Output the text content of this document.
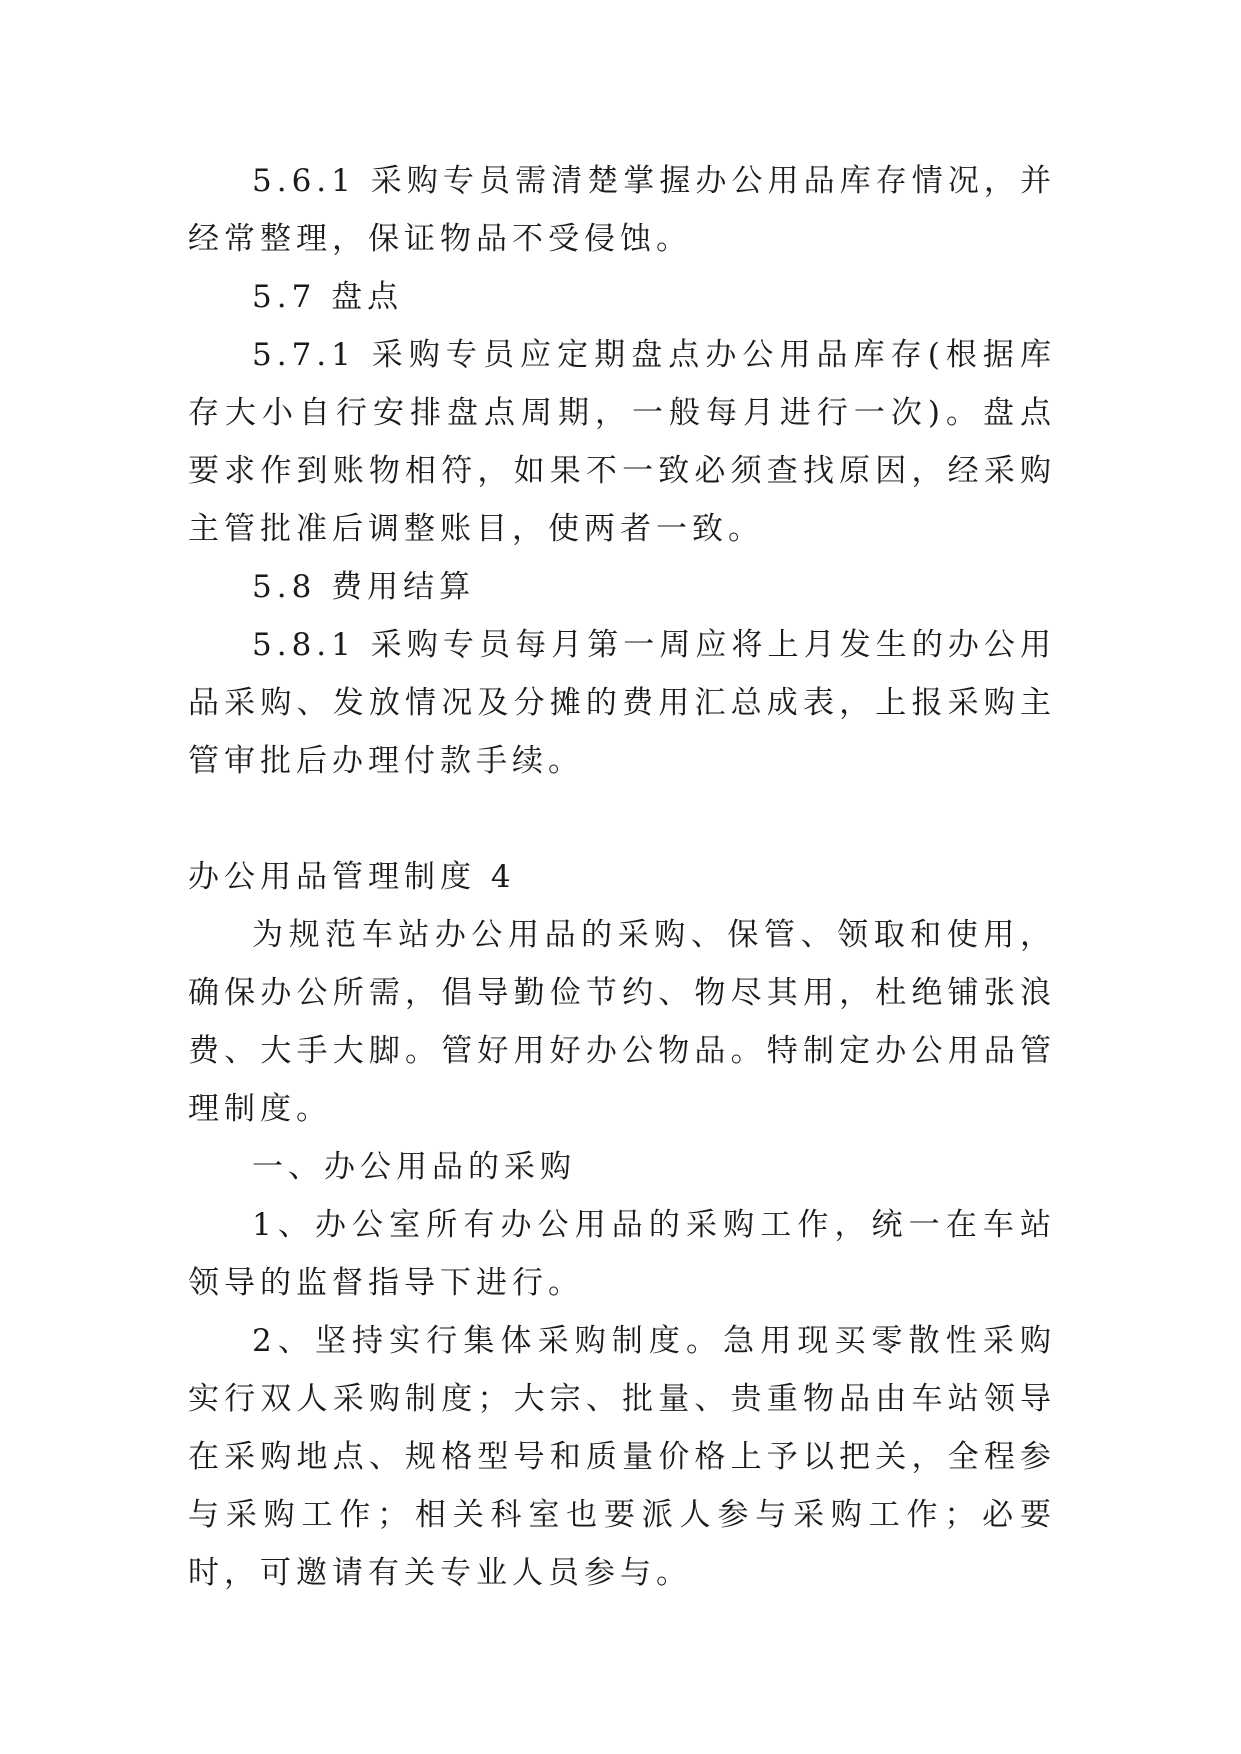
5.6.1 采购专员需清楚掌握办公用品库存情况，并经常整理，保证物品不受侵蚀。

5.7 盘点

5.7.1 采购专员应定期盘点办公用品库存(根据库存大小自行安排盘点周期，一般每月进行一次)。盘点要求作到账物相符，如果不一致必须查找原因，经采购主管批准后调整账目，使两者一致。

5.8 费用结算

5.8.1 采购专员每月第一周应将上月发生的办公用品采购、发放情况及分摊的费用汇总成表，上报采购主管审批后办理付款手续。

办公用品管理制度 4

为规范车站办公用品的采购、保管、领取和使用，确保办公所需，倡导勤俭节约、物尽其用，杜绝铺张浪费、大手大脚。管好用好办公物品。特制定办公用品管理制度。

一、办公用品的采购

1、办公室所有办公用品的采购工作，统一在车站领导的监督指导下进行。

2、坚持实行集体采购制度。急用现买零散性采购实行双人采购制度；大宗、批量、贵重物品由车站领导在采购地点、规格型号和质量价格上予以把关，全程参与采购工作；相关科室也要派人参与采购工作；必要时，可邀请有关专业人员参与。
